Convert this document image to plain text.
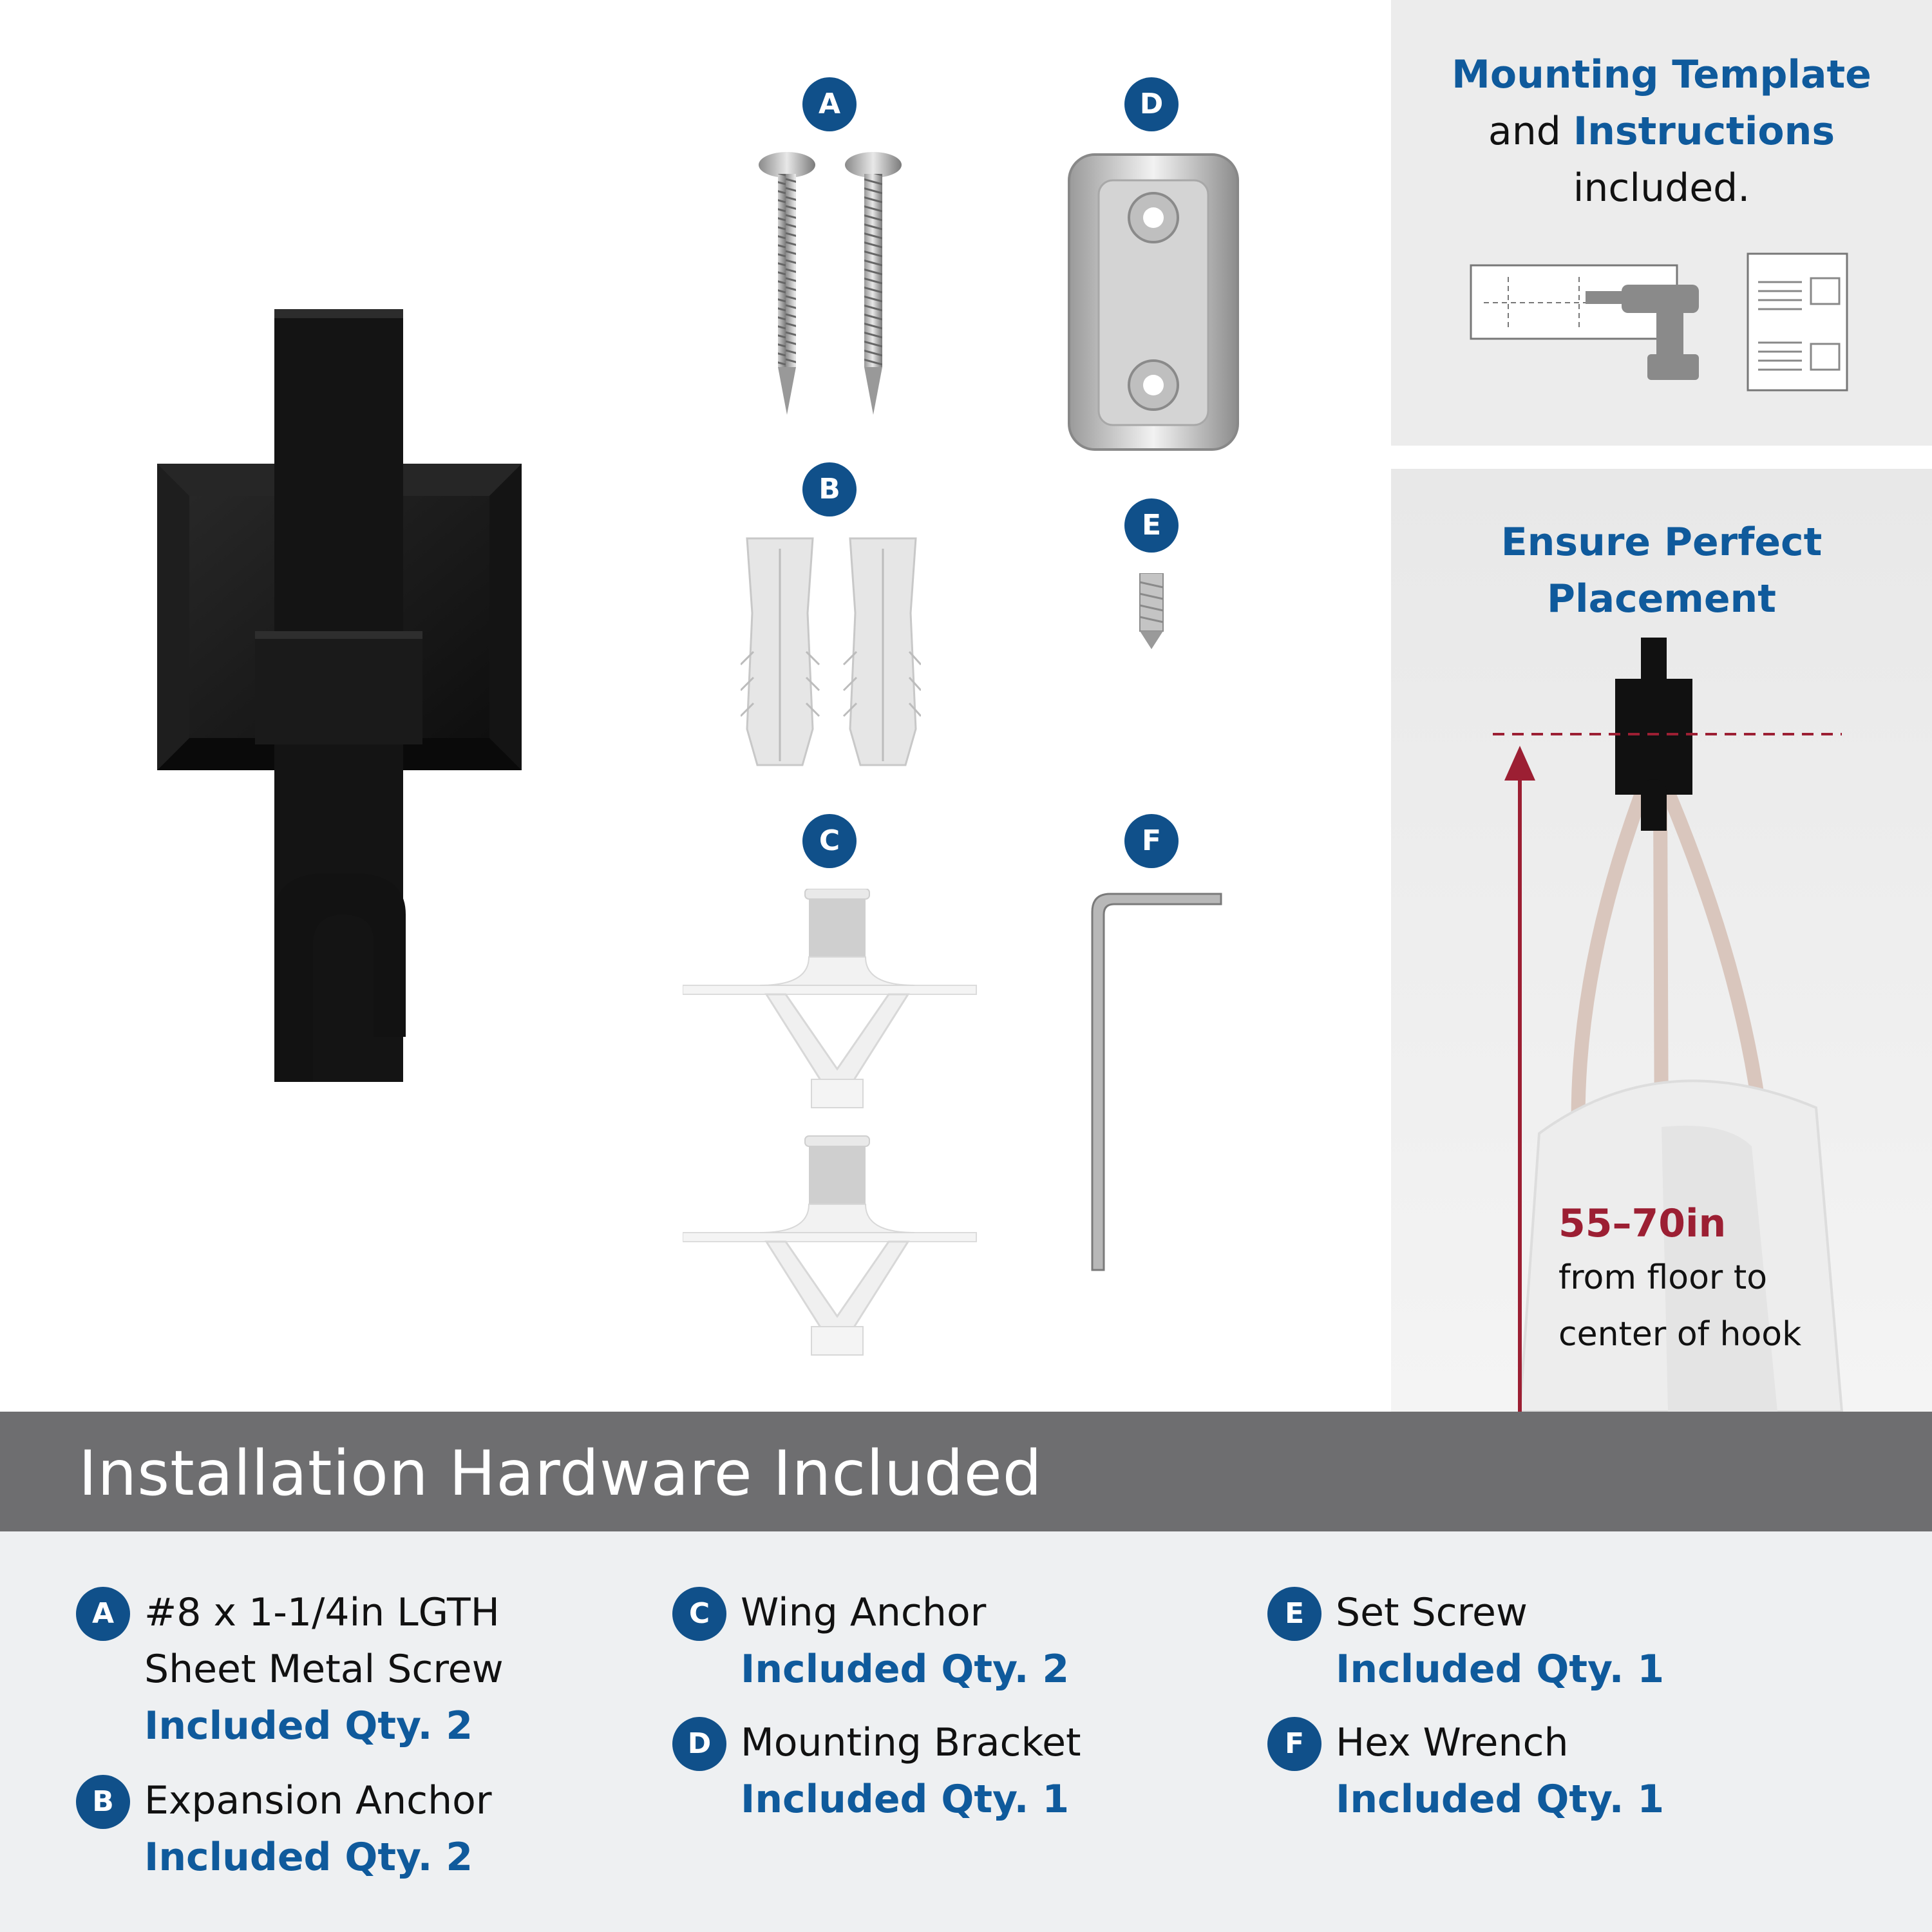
A
B
C
D
E
F
Mounting Template
and Instructions
included.
Ensure Perfect
Placement
55–70in
from floor to
center of hook
Installation Hardware Included
A #8 x 1-1/4in LGTH
Sheet Metal Screw
Included Qty. 2
B Expansion Anchor
Included Qty. 2
C Wing Anchor
Included Qty. 2
D Mounting Bracket
Included Qty. 1
E Set Screw
Included Qty. 1
F Hex Wrench
Included Qty. 1
